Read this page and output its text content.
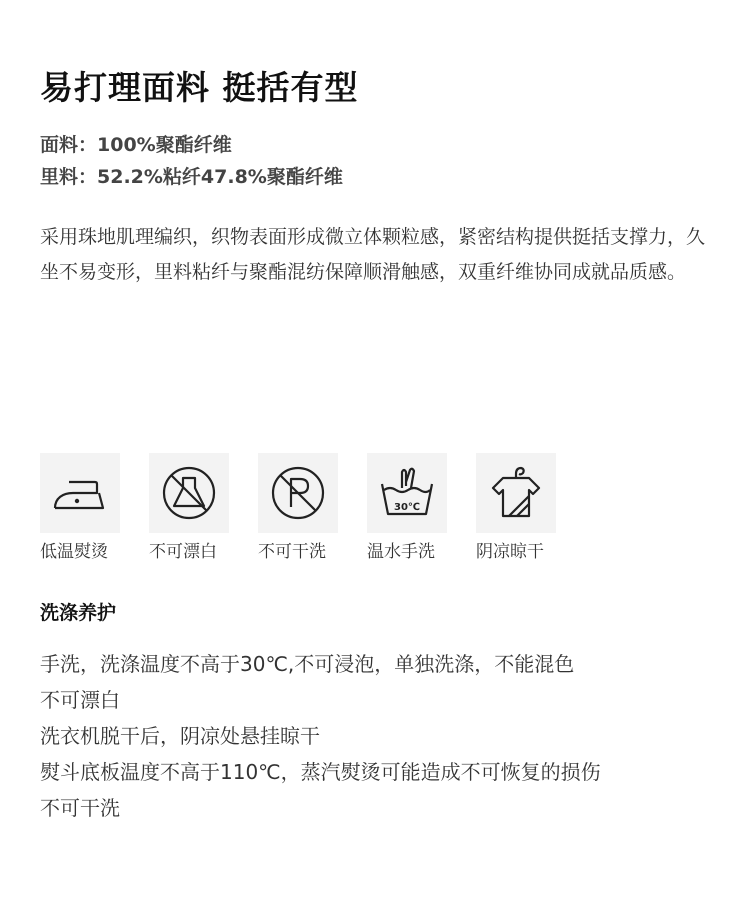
易打理面料 挺括有型
面料：100%聚酯纤维
里料：52.2%粘纤47.8%聚酯纤维
采用珠地肌理编织，织物表面形成微立体颗粒感，紧密结构提供挺括支撑力，久坐不易变形，里料粘纤与聚酯混纺保障顺滑触感，双重纤维协同成就品质感。
低温熨烫	不可漂白	不可干洗
30℃
温水手洗	阴凉晾干
洗涤养护
手洗，洗涤温度不高于30℃,不可浸泡，单独洗涤，不能混色
不可漂白
洗衣机脱干后，阴凉处悬挂晾干
熨斗底板温度不高于110℃，蒸汽熨烫可能造成不可恢复的损伤
不可干洗
